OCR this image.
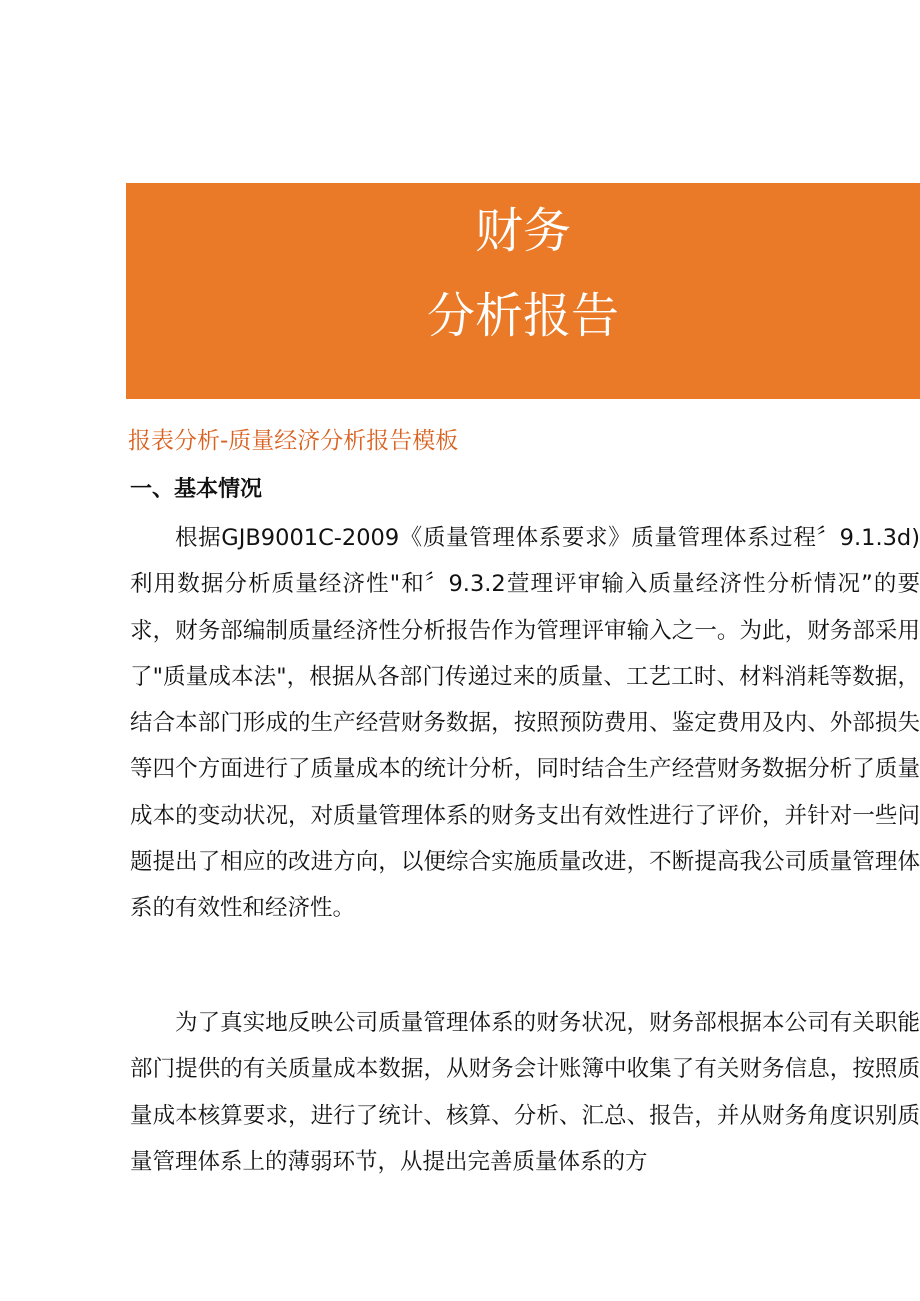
财务
分析报告
报表分析-质量经济分析报告模板
一、基本情况

根据GJB9001C-2009《质量管理体系要求》质量管理体系过程〞9.1.3d)利用数据分析质量经济性"和〞9.3.2萱理评审输入质量经济性分析情况”的要求，财务部编制质量经济性分析报告作为管理评审输入之一。为此，财务部采用了"质量成本法"，根据从各部门传递过来的质量、工艺工时、材料消耗等数据，结合本部门形成的生产经营财务数据，按照预防费用、鉴定费用及内、外部损失等四个方面进行了质量成本的统计分析，同时结合生产经营财务数据分析了质量成本的变动状况，对质量管理体系的财务支出有效性进行了评价，并针对一些问题提出了相应的改进方向，以便综合实施质量改进，不断提高我公司质量管理体系的有效性和经济性。

为了真实地反映公司质量管理体系的财务状况，财务部根据本公司有关职能部门提供的有关质量成本数据，从财务会计账簿中收集了有关财务信息，按照质量成本核算要求，进行了统计、核算、分析、汇总、报告，并从财务角度识别质量管理体系上的薄弱环节，从提出完善质量体系的方
